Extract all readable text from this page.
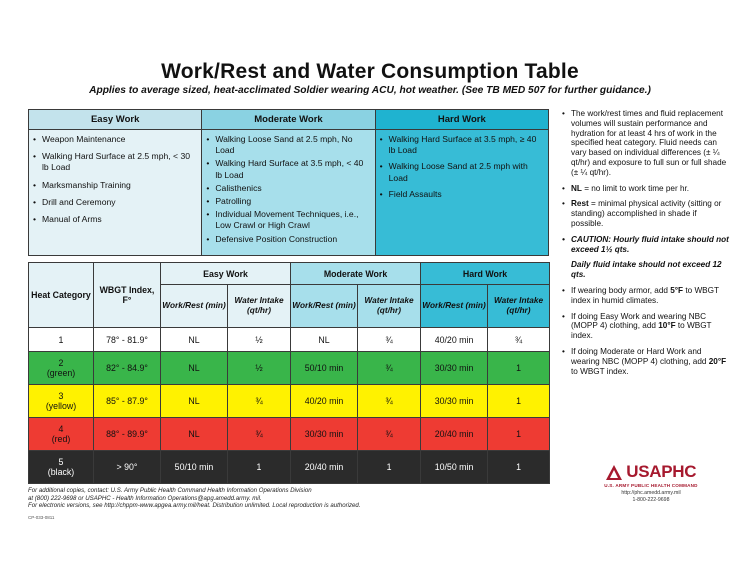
Work/Rest and Water Consumption Table
Applies to average sized, heat-acclimated Soldier wearing ACU, hot weather. (See TB MED 507 for further guidance.)
Easy Work
• Weapon Maintenance
• Walking Hard Surface at 2.5 mph, < 30 lb Load
• Marksmanship Training
• Drill and Ceremony
• Manual of Arms
Moderate Work
• Walking Loose Sand at 2.5 mph, No Load
• Walking Hard Surface at 3.5 mph, < 40 lb Load
• Calisthenics
• Patrolling
• Individual Movement Techniques, i.e., Low Crawl or High Crawl
• Defensive Position Construction
Hard Work
• Walking Hard Surface at 3.5 mph, ≥ 40 lb Load
• Walking Loose Sand at 2.5 mph with Load
• Field Assaults
Heat Category	WBGT Index, F°	Easy Work		Moderate Work		Hard Work	
		Work/Rest (min)	Water Intake (qt/hr)	Work/Rest (min)	Water Intake (qt/hr)	Work/Rest (min)	Water Intake (qt/hr)
1	78° - 81.9°	NL	½	NL	¾	40/20 min	¾

2
(green)	82° - 84.9°	NL	½	50/10 min	¾	30/30 min	1

3
(yellow)	85° - 87.9°	NL	¾	40/20 min	¾	30/30 min	1

4
(red)	88° - 89.9°	NL	¾	30/30 min	¾	20/40 min	1

5
(black)	> 90°	50/10 min	1	20/40 min	1	10/50 min	1
• The work/rest times and fluid replacement volumes will sustain performance and hydration for at least 4 hrs of work in the specified heat category. Fluid needs can vary based on individual differences (± ¼ qt/hr) and exposure to full sun or full shade (± ¼ qt/hr).
• NL = no limit to work time per hr.
• Rest = minimal physical activity (sitting or standing) accomplished in shade if possible.
• CAUTION: Hourly fluid intake should not exceed 1½ qts.
Daily fluid intake should not exceed 12 qts.
• If wearing body armor, add 5°F to WBGT index in humid climates.
• If doing Easy Work and wearing NBC (MOPP 4) clothing, add 10°F to WBGT index.
• If doing Moderate or Hard Work and wearing NBC (MOPP 4) clothing, add 20°F to WBGT index.
USAPHC
U.S. ARMY PUBLIC HEALTH COMMAND
http://phc.amedd.army.mil
1-800-222-9698
For additional copies, contact: U.S. Army Public Health Command Health Information Operations Division
at (800) 222-9698 or USAPHC - Health Information Operations@apg.amedd.army. mil.
For electronic versions, see http://chppm-www.apgea.army.mil/heat. Distribution unlimited. Local reproduction is authorized.
CP-033-0811
